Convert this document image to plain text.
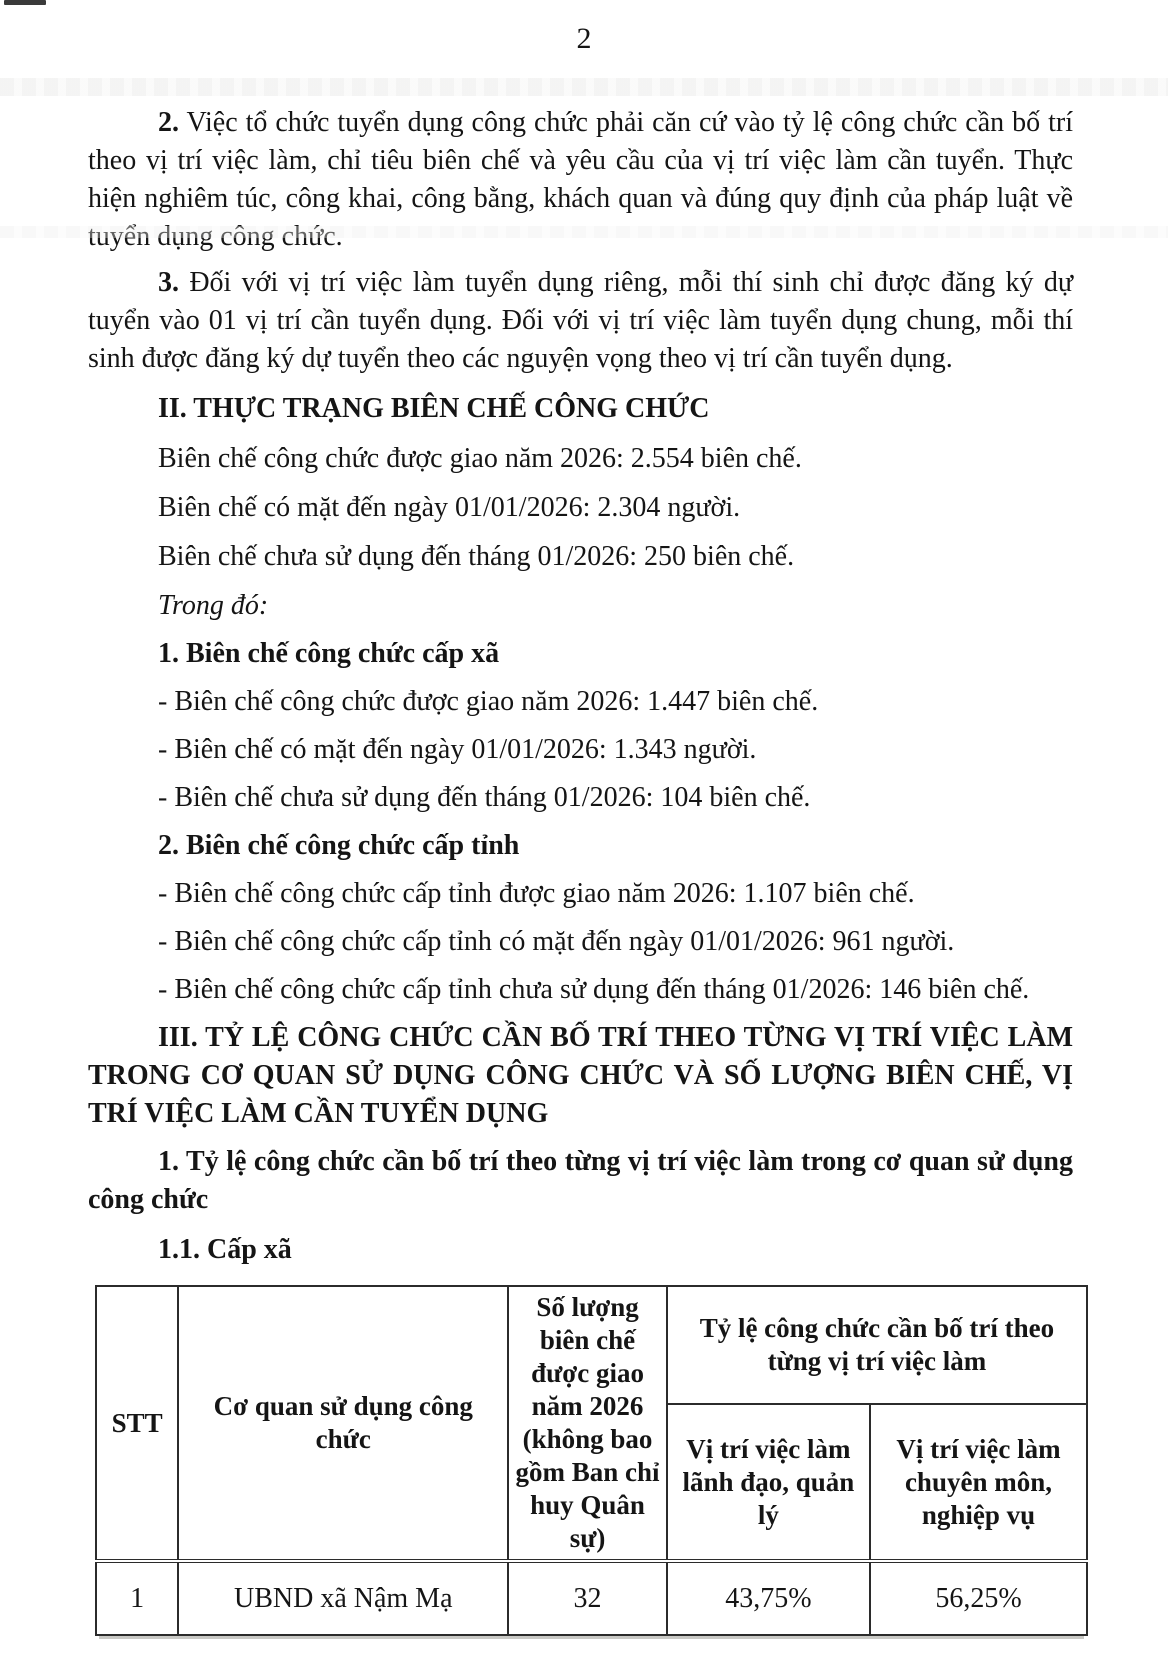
2

2. Việc tổ chức tuyển dụng công chức phải căn cứ vào tỷ lệ công chức cần bố trí theo vị trí việc làm, chỉ tiêu biên chế và yêu cầu của vị trí việc làm cần tuyển. Thực hiện nghiêm túc, công khai, công bằng, khách quan và đúng quy định của pháp luật về tuyển dụng công chức.

3. Đối với vị trí việc làm tuyển dụng riêng, mỗi thí sinh chỉ được đăng ký dự tuyển vào 01 vị trí cần tuyển dụng. Đối với vị trí việc làm tuyển dụng chung, mỗi thí sinh được đăng ký dự tuyển theo các nguyện vọng theo vị trí cần tuyển dụng.

II. THỰC TRẠNG BIÊN CHẾ CÔNG CHỨC

Biên chế công chức được giao năm 2026: 2.554 biên chế.

Biên chế có mặt đến ngày 01/01/2026: 2.304 người.

Biên chế chưa sử dụng đến tháng 01/2026: 250 biên chế.

Trong đó:

1. Biên chế công chức cấp xã

- Biên chế công chức được giao năm 2026: 1.447 biên chế.

- Biên chế có mặt đến ngày 01/01/2026: 1.343 người.

- Biên chế chưa sử dụng đến tháng 01/2026: 104 biên chế.

2. Biên chế công chức cấp tỉnh

- Biên chế công chức cấp tỉnh được giao năm 2026: 1.107 biên chế.

- Biên chế công chức cấp tỉnh có mặt đến ngày 01/01/2026: 961 người.

- Biên chế công chức cấp tỉnh chưa sử dụng đến tháng 01/2026: 146 biên chế.

III. TỶ LỆ CÔNG CHỨC CẦN BỐ TRÍ THEO TỪNG VỊ TRÍ VIỆC LÀM TRONG CƠ QUAN SỬ DỤNG CÔNG CHỨC VÀ SỐ LƯỢNG BIÊN CHẾ, VỊ TRÍ VIỆC LÀM CẦN TUYỂN DỤNG

1. Tỷ lệ công chức cần bố trí theo từng vị trí việc làm trong cơ quan sử dụng công chức

1.1. Cấp xã

STT	Cơ quan sử dụng công chức	Số lượng biên chế được giao năm 2026 (không bao gồm Ban chỉ huy Quân sự)	Tỷ lệ công chức cần bố trí theo từng vị trí việc làm	
			Vị trí việc làm lãnh đạo, quản lý	Vị trí việc làm chuyên môn, nghiệp vụ
1	UBND xã Nậm Mạ	32	43,75%	56,25%
